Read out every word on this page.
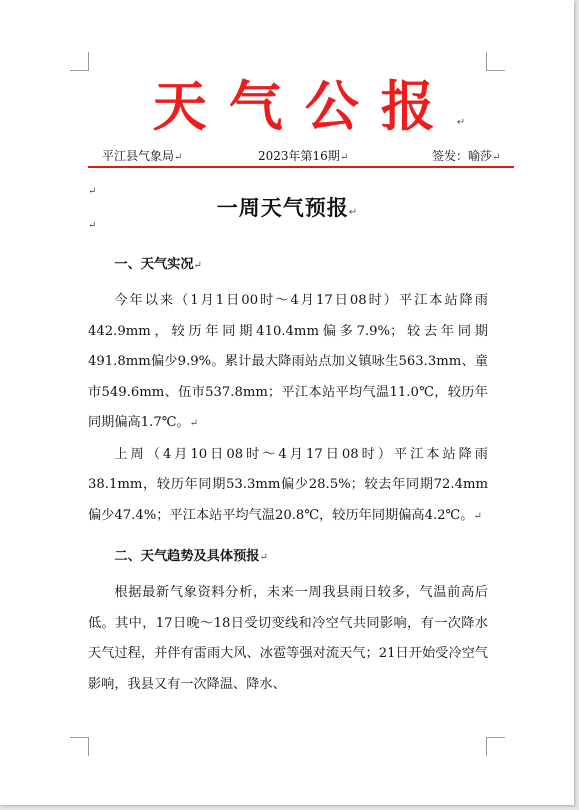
天气公报↵
平江县气象局↵	2023年第16期↵	签发：喻莎↵
↵
↵
一周天气预报↵
一、天气实况↵

今年以来（1月1日00时～4月17日08时）平江本站降雨442.9mm，较历年同期410.4mm偏多7.9%；较去年同期491.8mm偏少9.9%。累计最大降雨站点加义镇咏生563.3mm、童市549.6mm、伍市537.8mm；平江本站平均气温11.0℃，较历年同期偏高1.7℃。↵

上周（4月10日08时～4月17日08时）平江本站降雨38.1mm，较历年同期53.3mm偏少28.5%；较去年同期72.4mm偏少47.4%；平江本站平均气温20.8℃，较历年同期偏高4.2℃。↵

二、天气趋势及具体预报↵

根据最新气象资料分析，未来一周我县雨日较多，气温前高后低。其中，17日晚～18日受切变线和冷空气共同影响，有一次降水天气过程，并伴有雷雨大风、冰雹等强对流天气；21日开始受冷空气影响，我县又有一次降温、降水、
